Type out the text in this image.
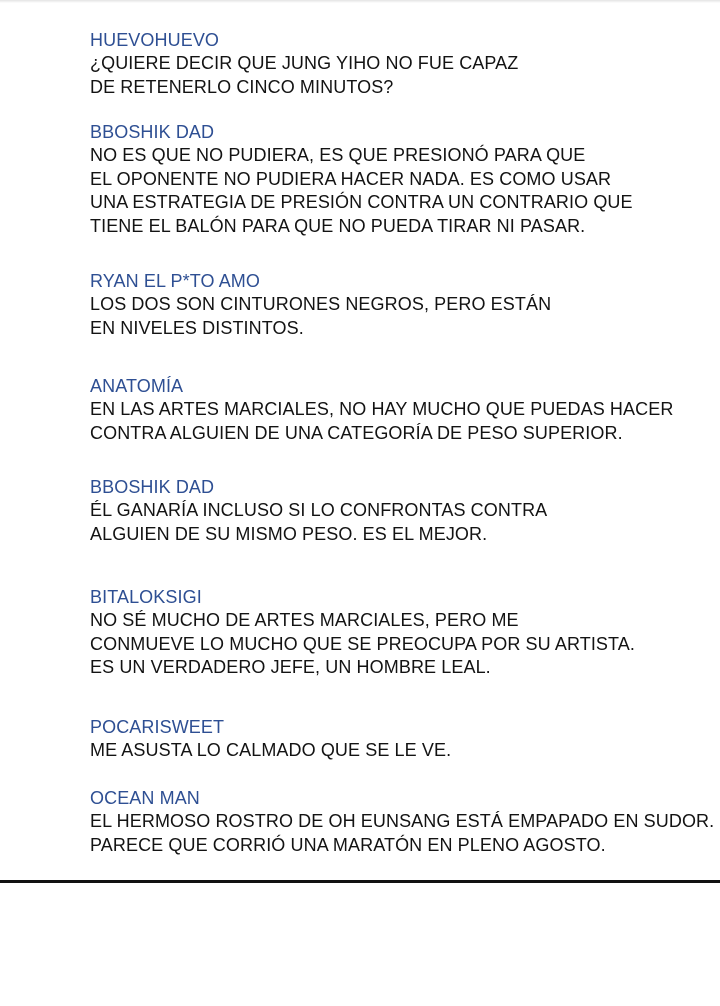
HUEVOHUEVO
¿QUIERE DECIR QUE JUNG YIHO NO FUE CAPAZ
DE RETENERLO CINCO MINUTOS?
BBOSHIK DAD
NO ES QUE NO PUDIERA, ES QUE PRESIONÓ PARA QUE
EL OPONENTE NO PUDIERA HACER NADA. ES COMO USAR
UNA ESTRATEGIA DE PRESIÓN CONTRA UN CONTRARIO QUE
TIENE EL BALÓN PARA QUE NO PUEDA TIRAR NI PASAR.
RYAN EL P*TO AMO
LOS DOS SON CINTURONES NEGROS, PERO ESTÁN
EN NIVELES DISTINTOS.
ANATOMÍA
EN LAS ARTES MARCIALES, NO HAY MUCHO QUE PUEDAS HACER
CONTRA ALGUIEN DE UNA CATEGORÍA DE PESO SUPERIOR.
BBOSHIK DAD
ÉL GANARÍA INCLUSO SI LO CONFRONTAS CONTRA
ALGUIEN DE SU MISMO PESO. ES EL MEJOR.
BITALOKSIGI
NO SÉ MUCHO DE ARTES MARCIALES, PERO ME
CONMUEVE LO MUCHO QUE SE PREOCUPA POR SU ARTISTA.
ES UN VERDADERO JEFE, UN HOMBRE LEAL.
POCARISWEET
ME ASUSTA LO CALMADO QUE SE LE VE.
OCEAN MAN
EL HERMOSO ROSTRO DE OH EUNSANG ESTÁ EMPAPADO EN SUDOR.
PARECE QUE CORRIÓ UNA MARATÓN EN PLENO AGOSTO.
